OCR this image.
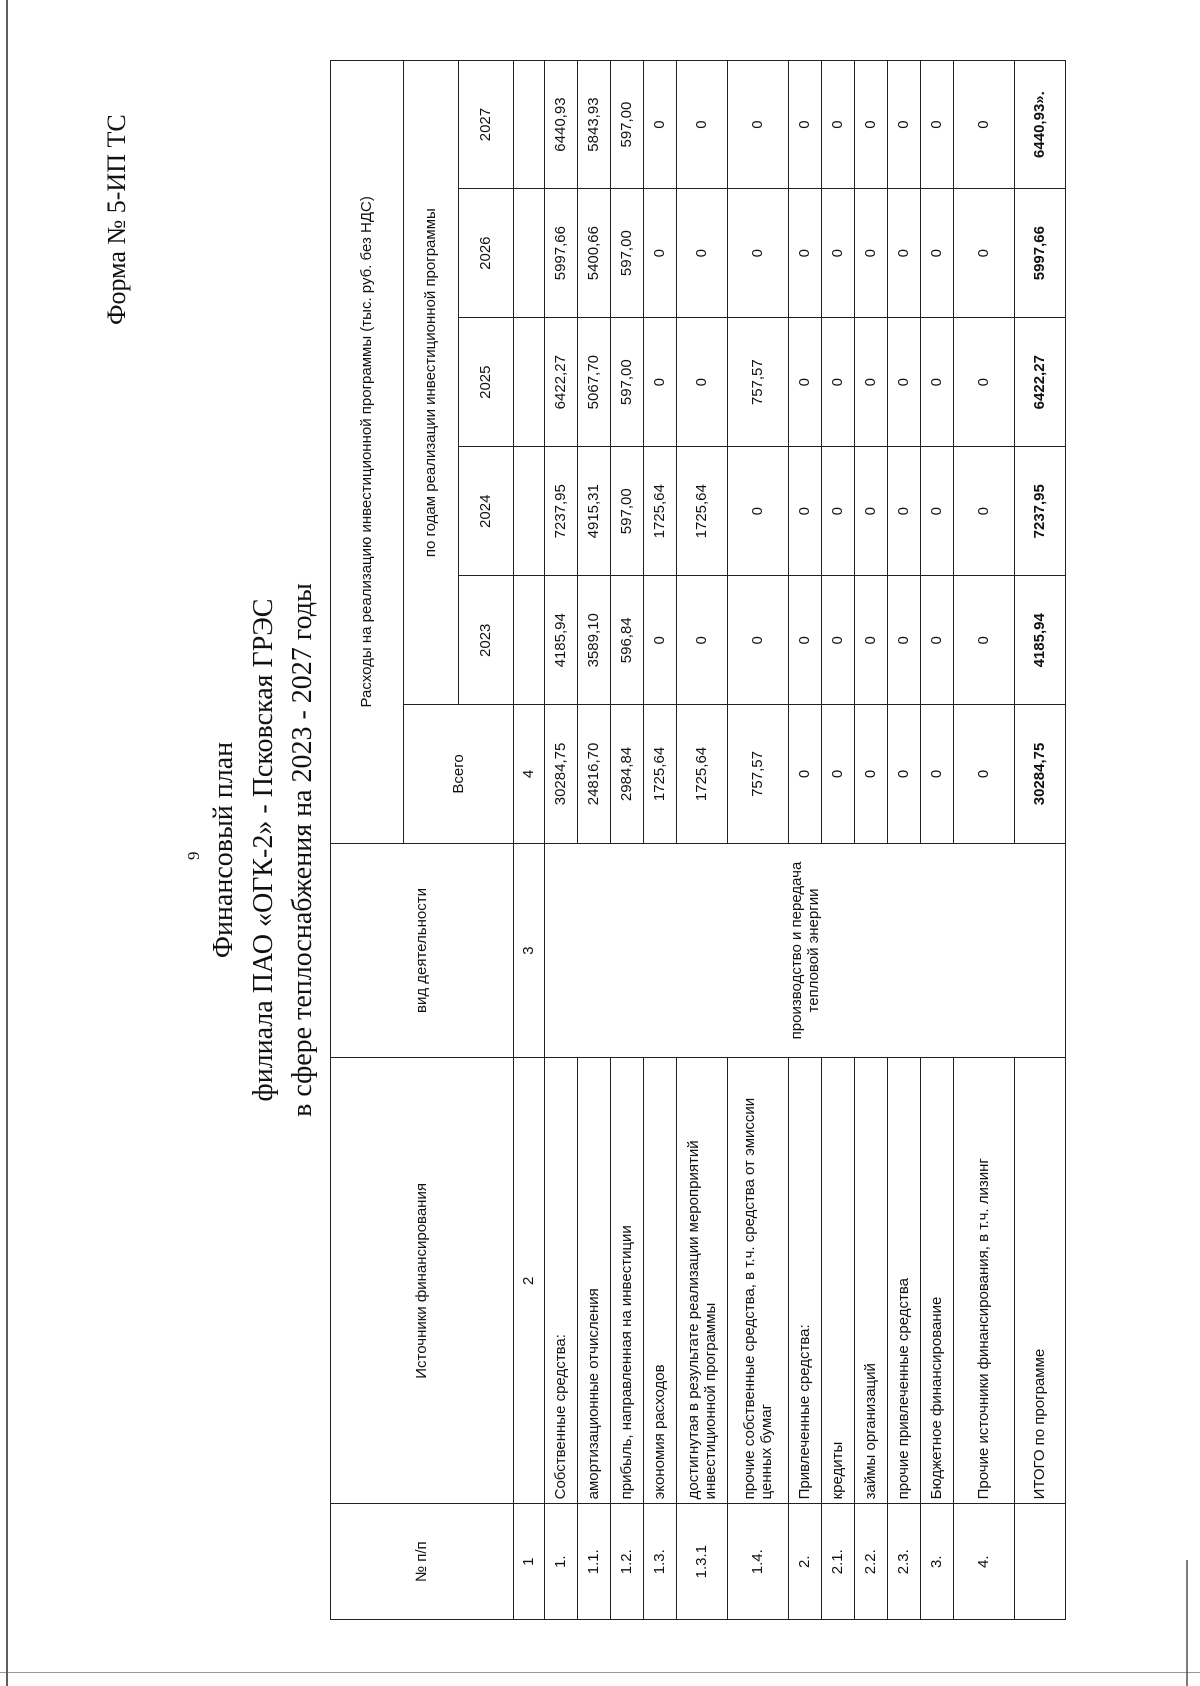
Форма № 5-ИП ТС
9 Финансовый план филиала ПАО «ОГК-2» - Псковская ГРЭС в сфере теплоснабжения на 2023 - 2027 годы
№ п/п	Источники финансирования	вид деятельности	Расходы на реализацию инвестиционной программы (тыс. руб. без НДС)					
			Всего	по годам реализации инвестиционной программы				
				2023	2024	2025	2026	2027
1	2	3	4					
1.	Собственные средства:	производство и передача тепловой энергии	30284,75	4185,94	7237,95	6422,27	5997,66	6440,93
1.1.	амортизационные отчисления		24816,70	3589,10	4915,31	5067,70	5400,66	5843,93
1.2.	прибыль, направленная на инвестиции		2984,84	596,84	597,00	597,00	597,00	597,00
1.3.	экономия расходов		1725,64	0	1725,64	0	0	0
1.3.1	достигнутая в результате реализации мероприятий инвестиционной программы		1725,64	0	1725,64	0	0	0
1.4.	прочие собственные средства, в т.ч. средства от эмиссии ценных бумаг		757,57	0	0	757,57	0	0
2.	Привлеченные средства:		0	0	0	0	0	0
2.1.	кредиты		0	0	0	0	0	0
2.2.	займы организаций		0	0	0	0	0	0
2.3.	прочие привлеченные средства		0	0	0	0	0	0
3.	Бюджетное финансирование		0	0	0	0	0	0
4.	Прочие источники финансирования, в т.ч. лизинг		0	0	0	0	0	0
	ИТОГО по программе		30284,75	4185,94	7237,95	6422,27	5997,66	6440,93».
